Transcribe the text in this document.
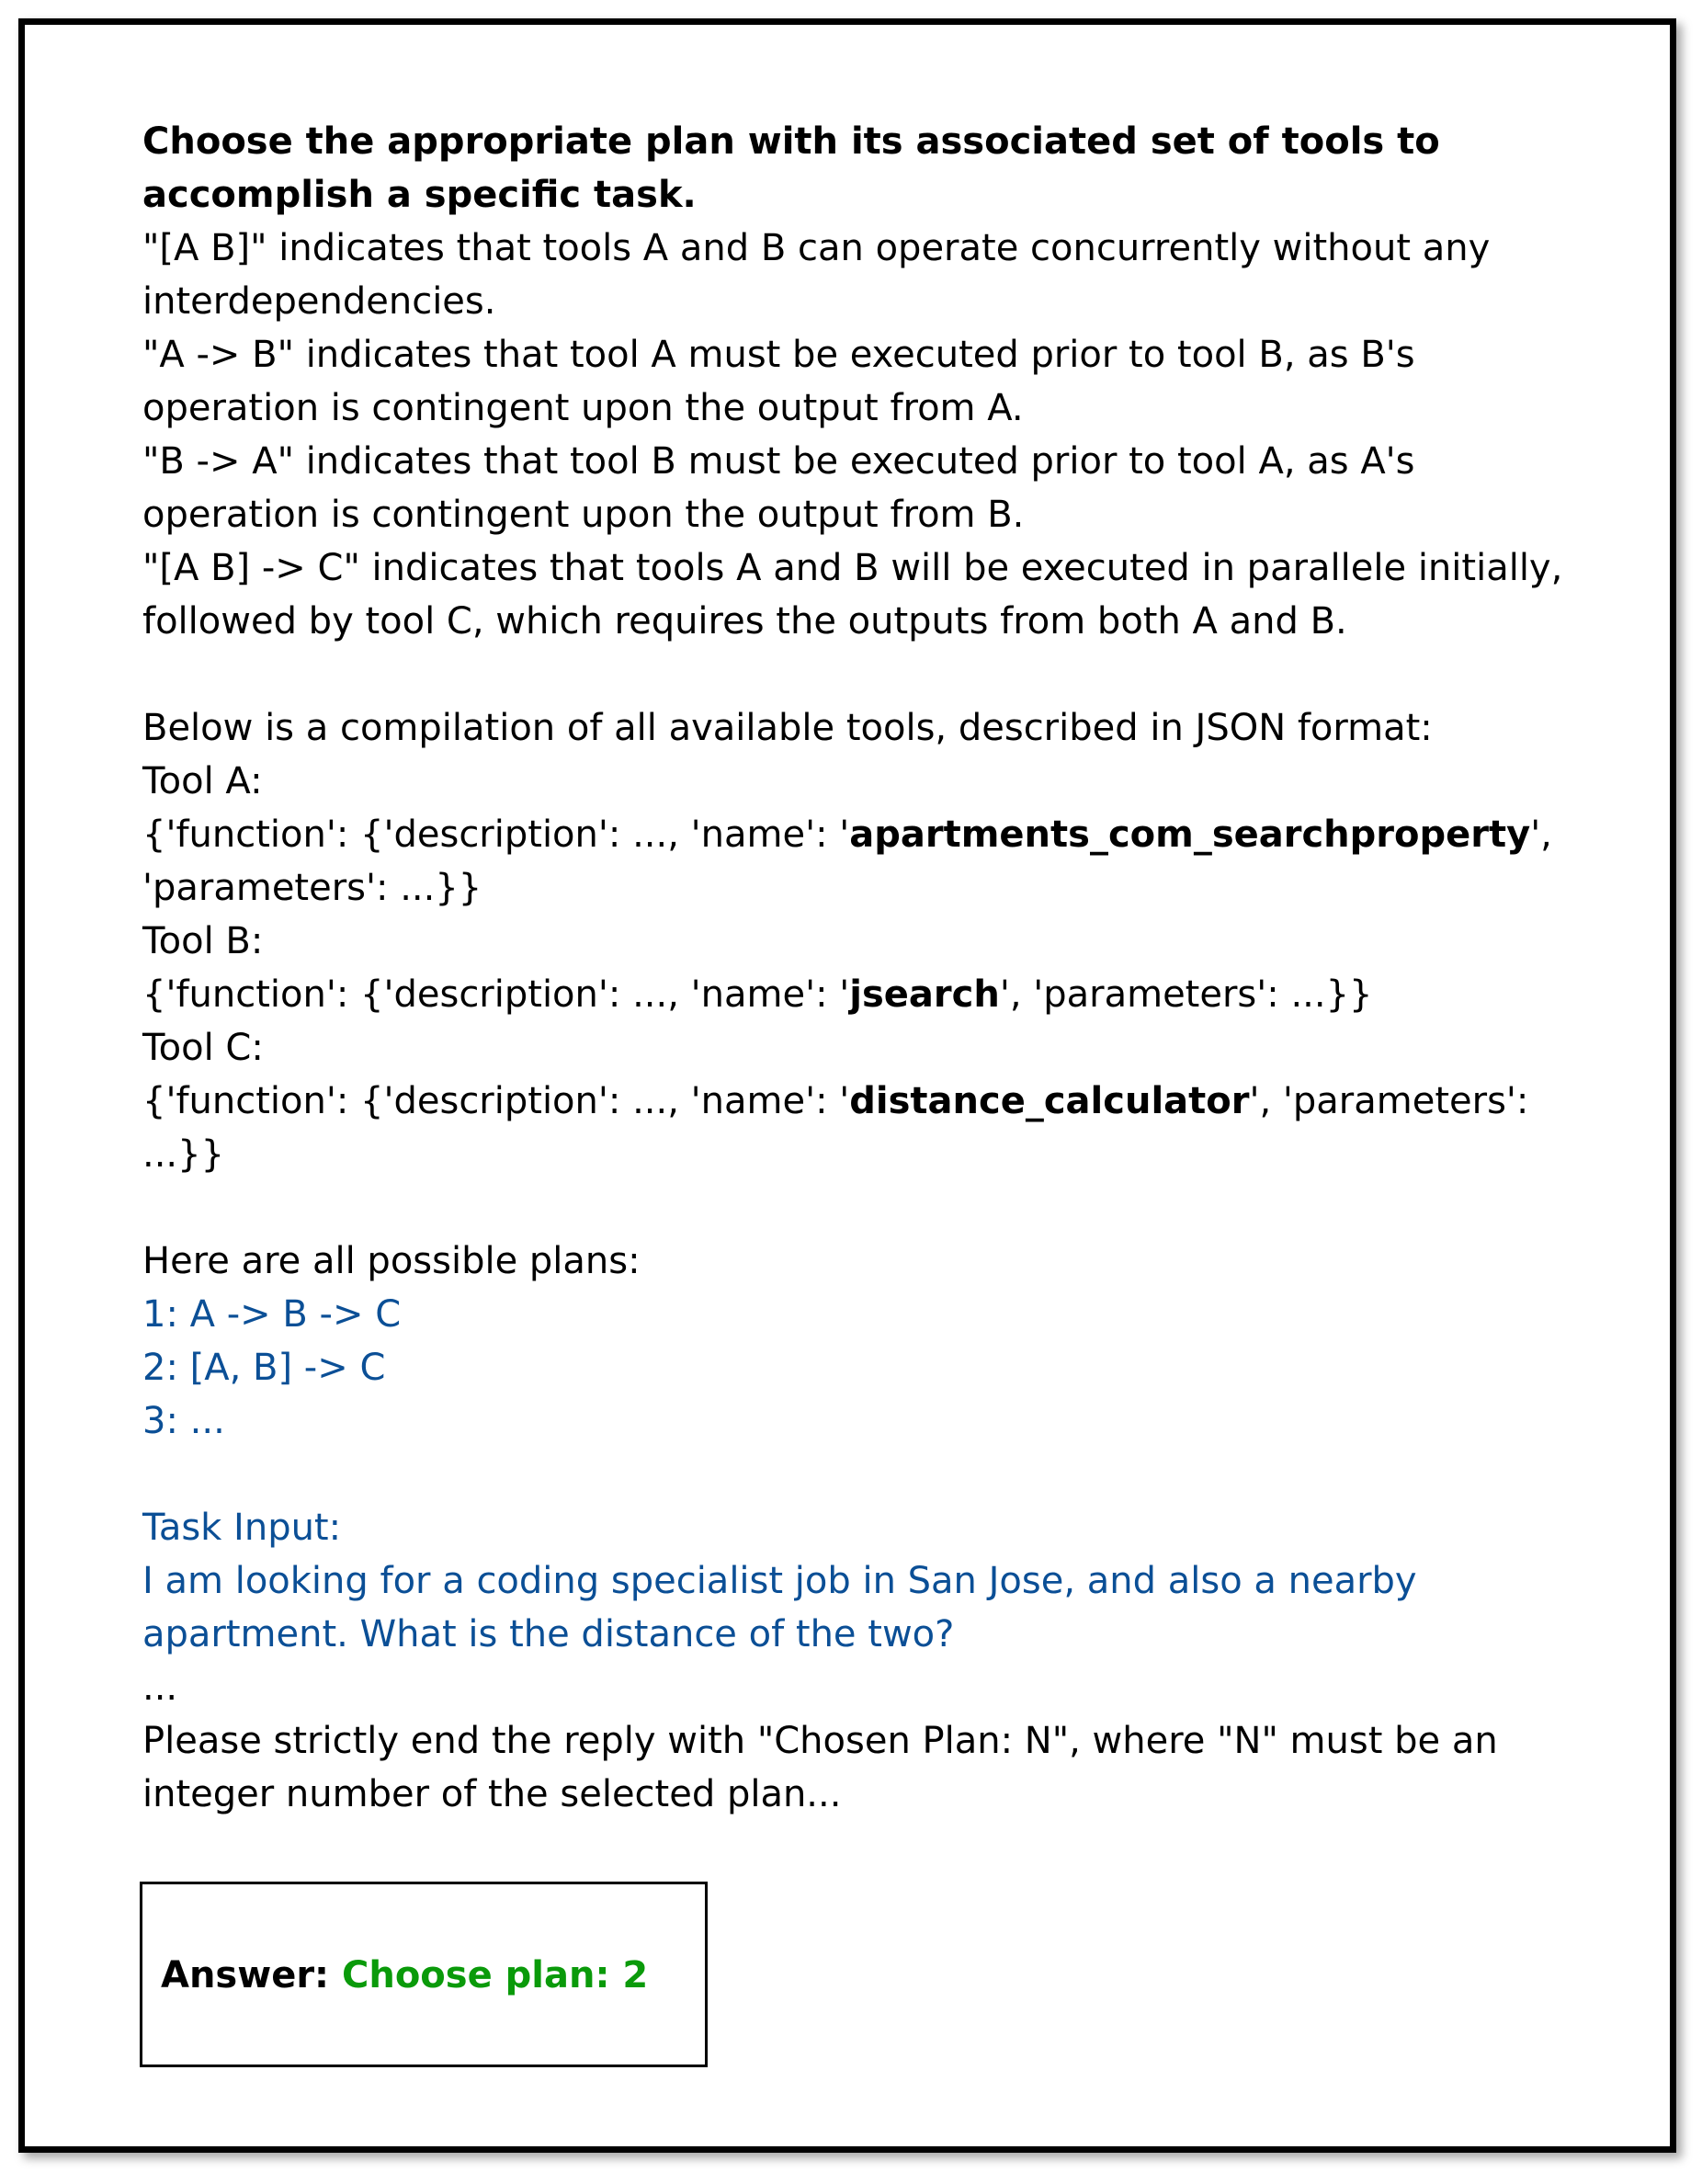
Choose the appropriate plan with its associated set of tools to
accomplish a specific task.
"[A B]" indicates that tools A and B can operate concurrently without any
interdependencies.
"A -> B" indicates that tool A must be executed prior to tool B, as B's
operation is contingent upon the output from A.
"B -> A" indicates that tool B must be executed prior to tool A, as A's
operation is contingent upon the output from B.
"[A B] -> C" indicates that tools A and B will be executed in parallele initially,
followed by tool C, which requires the outputs from both A and B.
Below is a compilation of all available tools, described in JSON format:
Tool A:
{'function': {'description': ..., 'name': 'apartments_com_searchproperty',
'parameters': ...}}
Tool B:
{'function': {'description': ..., 'name': 'jsearch', 'parameters': ...}}
Tool C:
{'function': {'description': ..., 'name': 'distance_calculator', 'parameters':
...}}
Here are all possible plans:
1: A -> B -> C
2: [A, B] -> C
3: ...
Task Input:
I am looking for a coding specialist job in San Jose, and also a nearby
apartment. What is the distance of the two?
...
Please strictly end the reply with "Chosen Plan: N", where "N" must be an
integer number of the selected plan...
Answer: Choose plan: 2
